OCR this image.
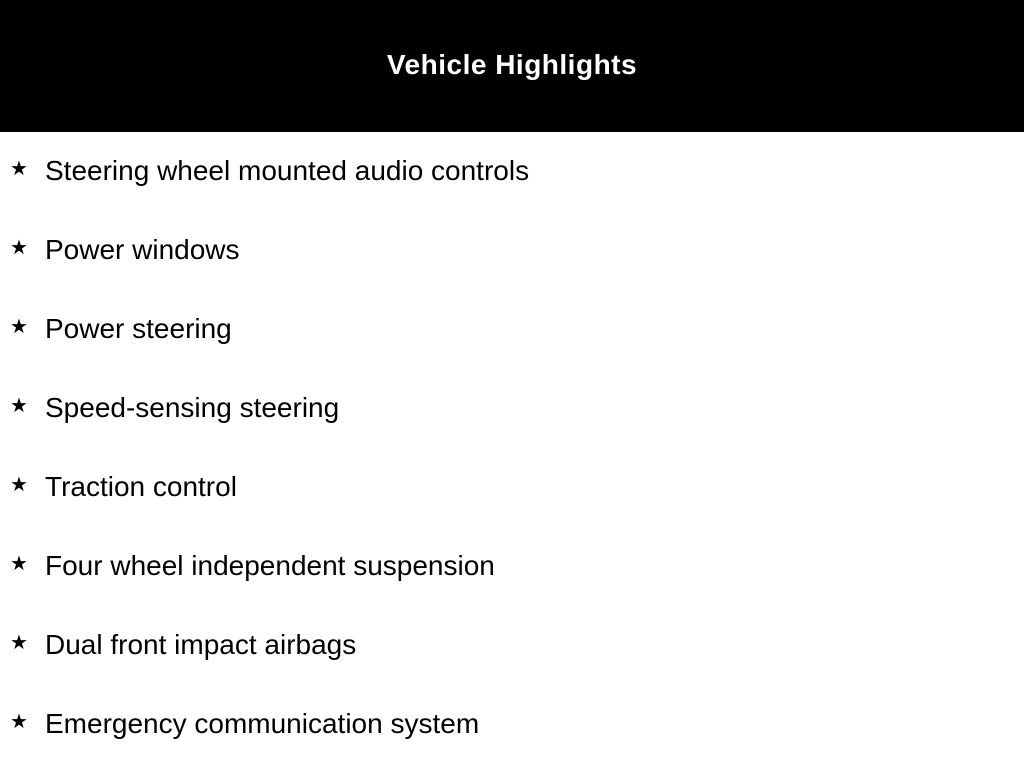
Vehicle Highlights
★ Steering wheel mounted audio controls
★ Power windows
★ Power steering
★ Speed-sensing steering
★ Traction control
★ Four wheel independent suspension
★ Dual front impact airbags
★ Emergency communication system
